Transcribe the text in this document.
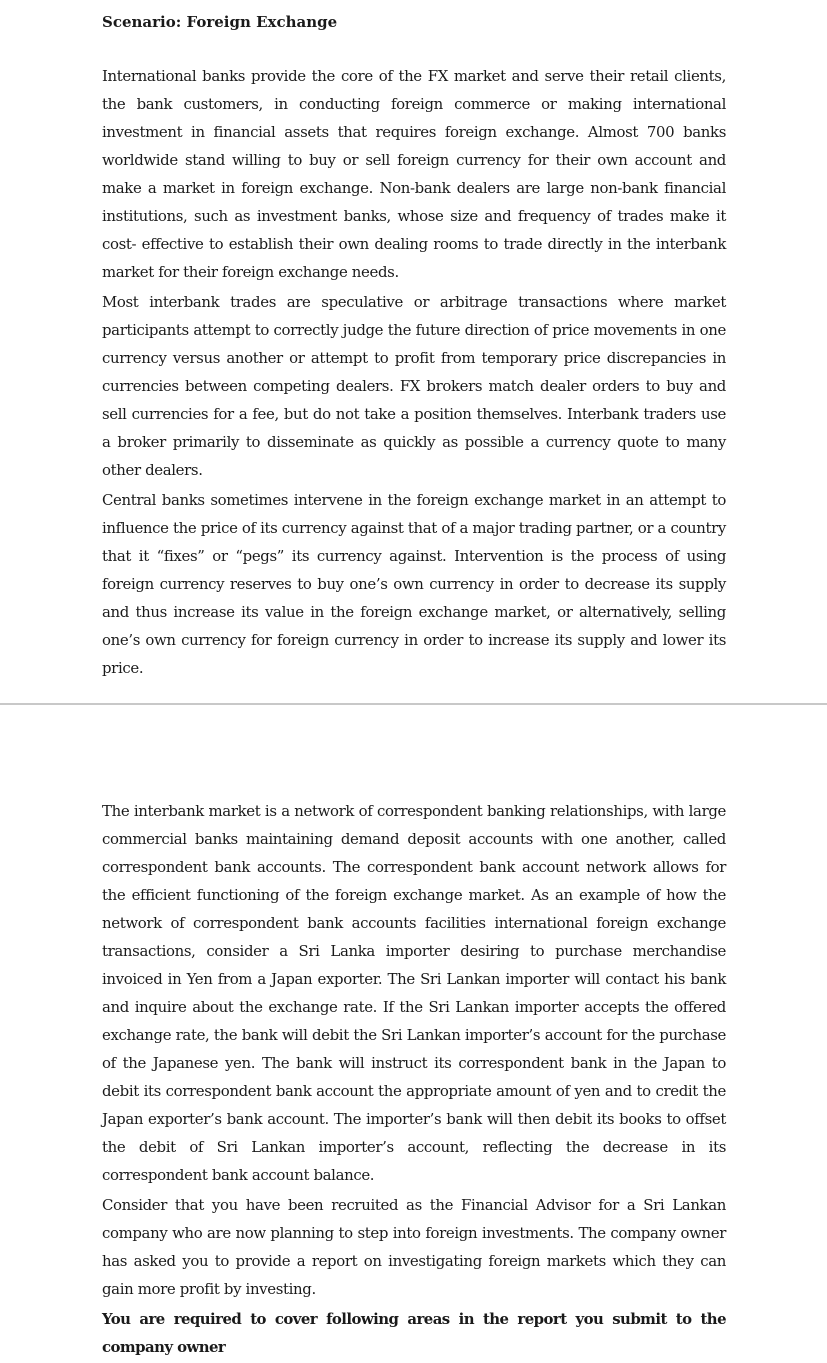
Scenario: Foreign Exchange

International banks provide the core of the FX market and serve their retail clients, the bank customers, in conducting foreign commerce or making international investment in financial assets that requires foreign exchange. Almost 700 banks worldwide stand willing to buy or sell foreign currency for their own account and make a market in foreign exchange. Non-bank dealers are large non-bank financial institutions, such as investment banks, whose size and frequency of trades make it cost- effective to establish their own dealing rooms to trade directly in the interbank market for their foreign exchange needs.

Most interbank trades are speculative or arbitrage transactions where market participants attempt to correctly judge the future direction of price movements in one currency versus another or attempt to profit from temporary price discrepancies in currencies between competing dealers. FX brokers match dealer orders to buy and sell currencies for a fee, but do not take a position themselves. Interbank traders use a broker primarily to disseminate as quickly as possible a currency quote to many other dealers.

Central banks sometimes intervene in the foreign exchange market in an attempt to influence the price of its currency against that of a major trading partner, or a country that it “fixes” or “pegs” its currency against. Intervention is the process of using foreign currency reserves to buy one’s own currency in order to decrease its supply and thus increase its value in the foreign exchange market, or alternatively, selling one’s own currency for foreign currency in order to increase its supply and lower its price.

The interbank market is a network of correspondent banking relationships, with large commercial banks maintaining demand deposit accounts with one another, called correspondent bank accounts. The correspondent bank account network allows for the efficient functioning of the foreign exchange market. As an example of how the network of correspondent bank accounts facilities international foreign exchange transactions, consider a Sri Lanka importer desiring to purchase merchandise invoiced in Yen from a Japan exporter. The Sri Lankan importer will contact his bank and inquire about the exchange rate. If the Sri Lankan importer accepts the offered exchange rate, the bank will debit the Sri Lankan importer’s account for the purchase of the Japanese yen. The bank will instruct its correspondent bank in the Japan to debit its correspondent bank account the appropriate amount of yen and to credit the Japan exporter’s bank account. The importer’s bank will then debit its books to offset the debit of Sri Lankan importer’s account, reflecting the decrease in its correspondent bank account balance.

Consider that you have been recruited as the Financial Advisor for a Sri Lankan company who are now planning to step into foreign investments. The company owner has asked you to provide a report on investigating foreign markets which they can gain more profit by investing.

You are required to cover following areas in the report you submit to the company owner
